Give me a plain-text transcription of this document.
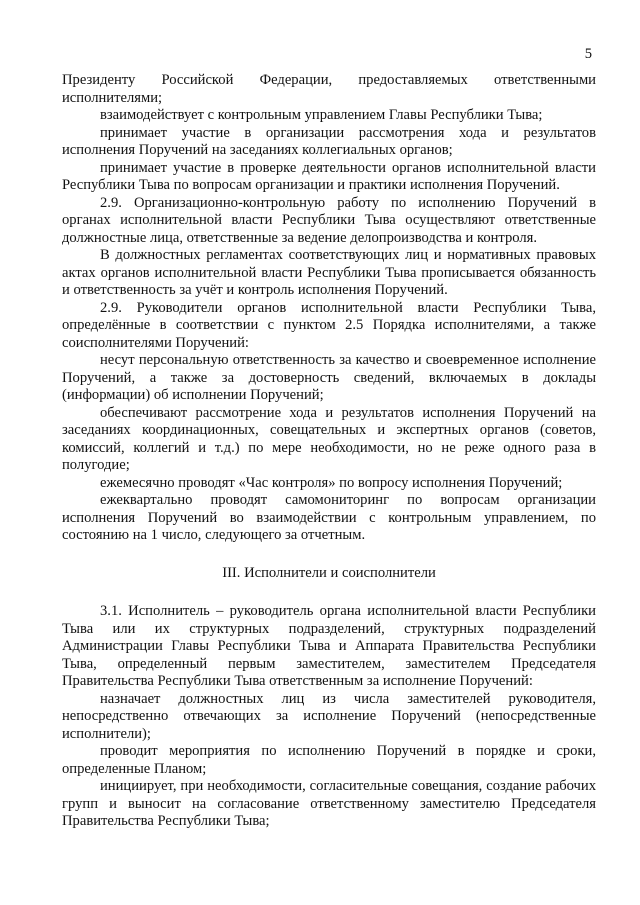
5

Президенту Российской Федерации, предоставляемых ответственными исполнителями;

взаимодействует с контрольным управлением Главы Республики Тыва;

принимает участие в организации рассмотрения хода и результатов исполнения Поручений на заседаниях коллегиальных органов;

принимает участие в проверке деятельности органов исполнительной власти Республики Тыва по вопросам организации и практики исполнения Поручений.

2.9. Организационно-контрольную работу по исполнению Поручений в органах исполнительной власти Республики Тыва осуществляют ответственные должностные лица, ответственные за ведение делопроизводства и контроля.

В должностных регламентах соответствующих лиц и нормативных правовых актах органов исполнительной власти Республики Тыва прописывается обязанность и ответственность за учёт и контроль исполнения Поручений.

2.9. Руководители органов исполнительной власти Республики Тыва, определённые в соответствии с пунктом 2.5 Порядка исполнителями, а также соисполнителями Поручений:

несут персональную ответственность за качество и своевременное исполнение Поручений, а также за достоверность сведений, включаемых в доклады (информации) об исполнении Поручений;

обеспечивают рассмотрение хода и результатов исполнения Поручений на заседаниях координационных, совещательных и экспертных органов (советов, комиссий, коллегий и т.д.) по мере необходимости, но не реже одного раза в полугодие;

ежемесячно проводят «Час контроля» по вопросу исполнения Поручений;

ежеквартально проводят самомониторинг по вопросам организации исполнения Поручений во взаимодействии с контрольным управлением, по состоянию на 1 число, следующего за отчетным.

III. Исполнители и соисполнители

3.1. Исполнитель – руководитель органа исполнительной власти Республики Тыва или их структурных подразделений, структурных подразделений Администрации Главы Республики Тыва и Аппарата Правительства Республики Тыва, определенный первым заместителем, заместителем Председателя Правительства Республики Тыва ответственным за исполнение Поручений:

назначает должностных лиц из числа заместителей руководителя, непосредственно отвечающих за исполнение Поручений (непосредственные исполнители);

проводит мероприятия по исполнению Поручений в порядке и сроки, определенные Планом;

инициирует, при необходимости, согласительные совещания, создание рабочих групп и выносит на согласование ответственному заместителю Председателя Правительства Республики Тыва;
